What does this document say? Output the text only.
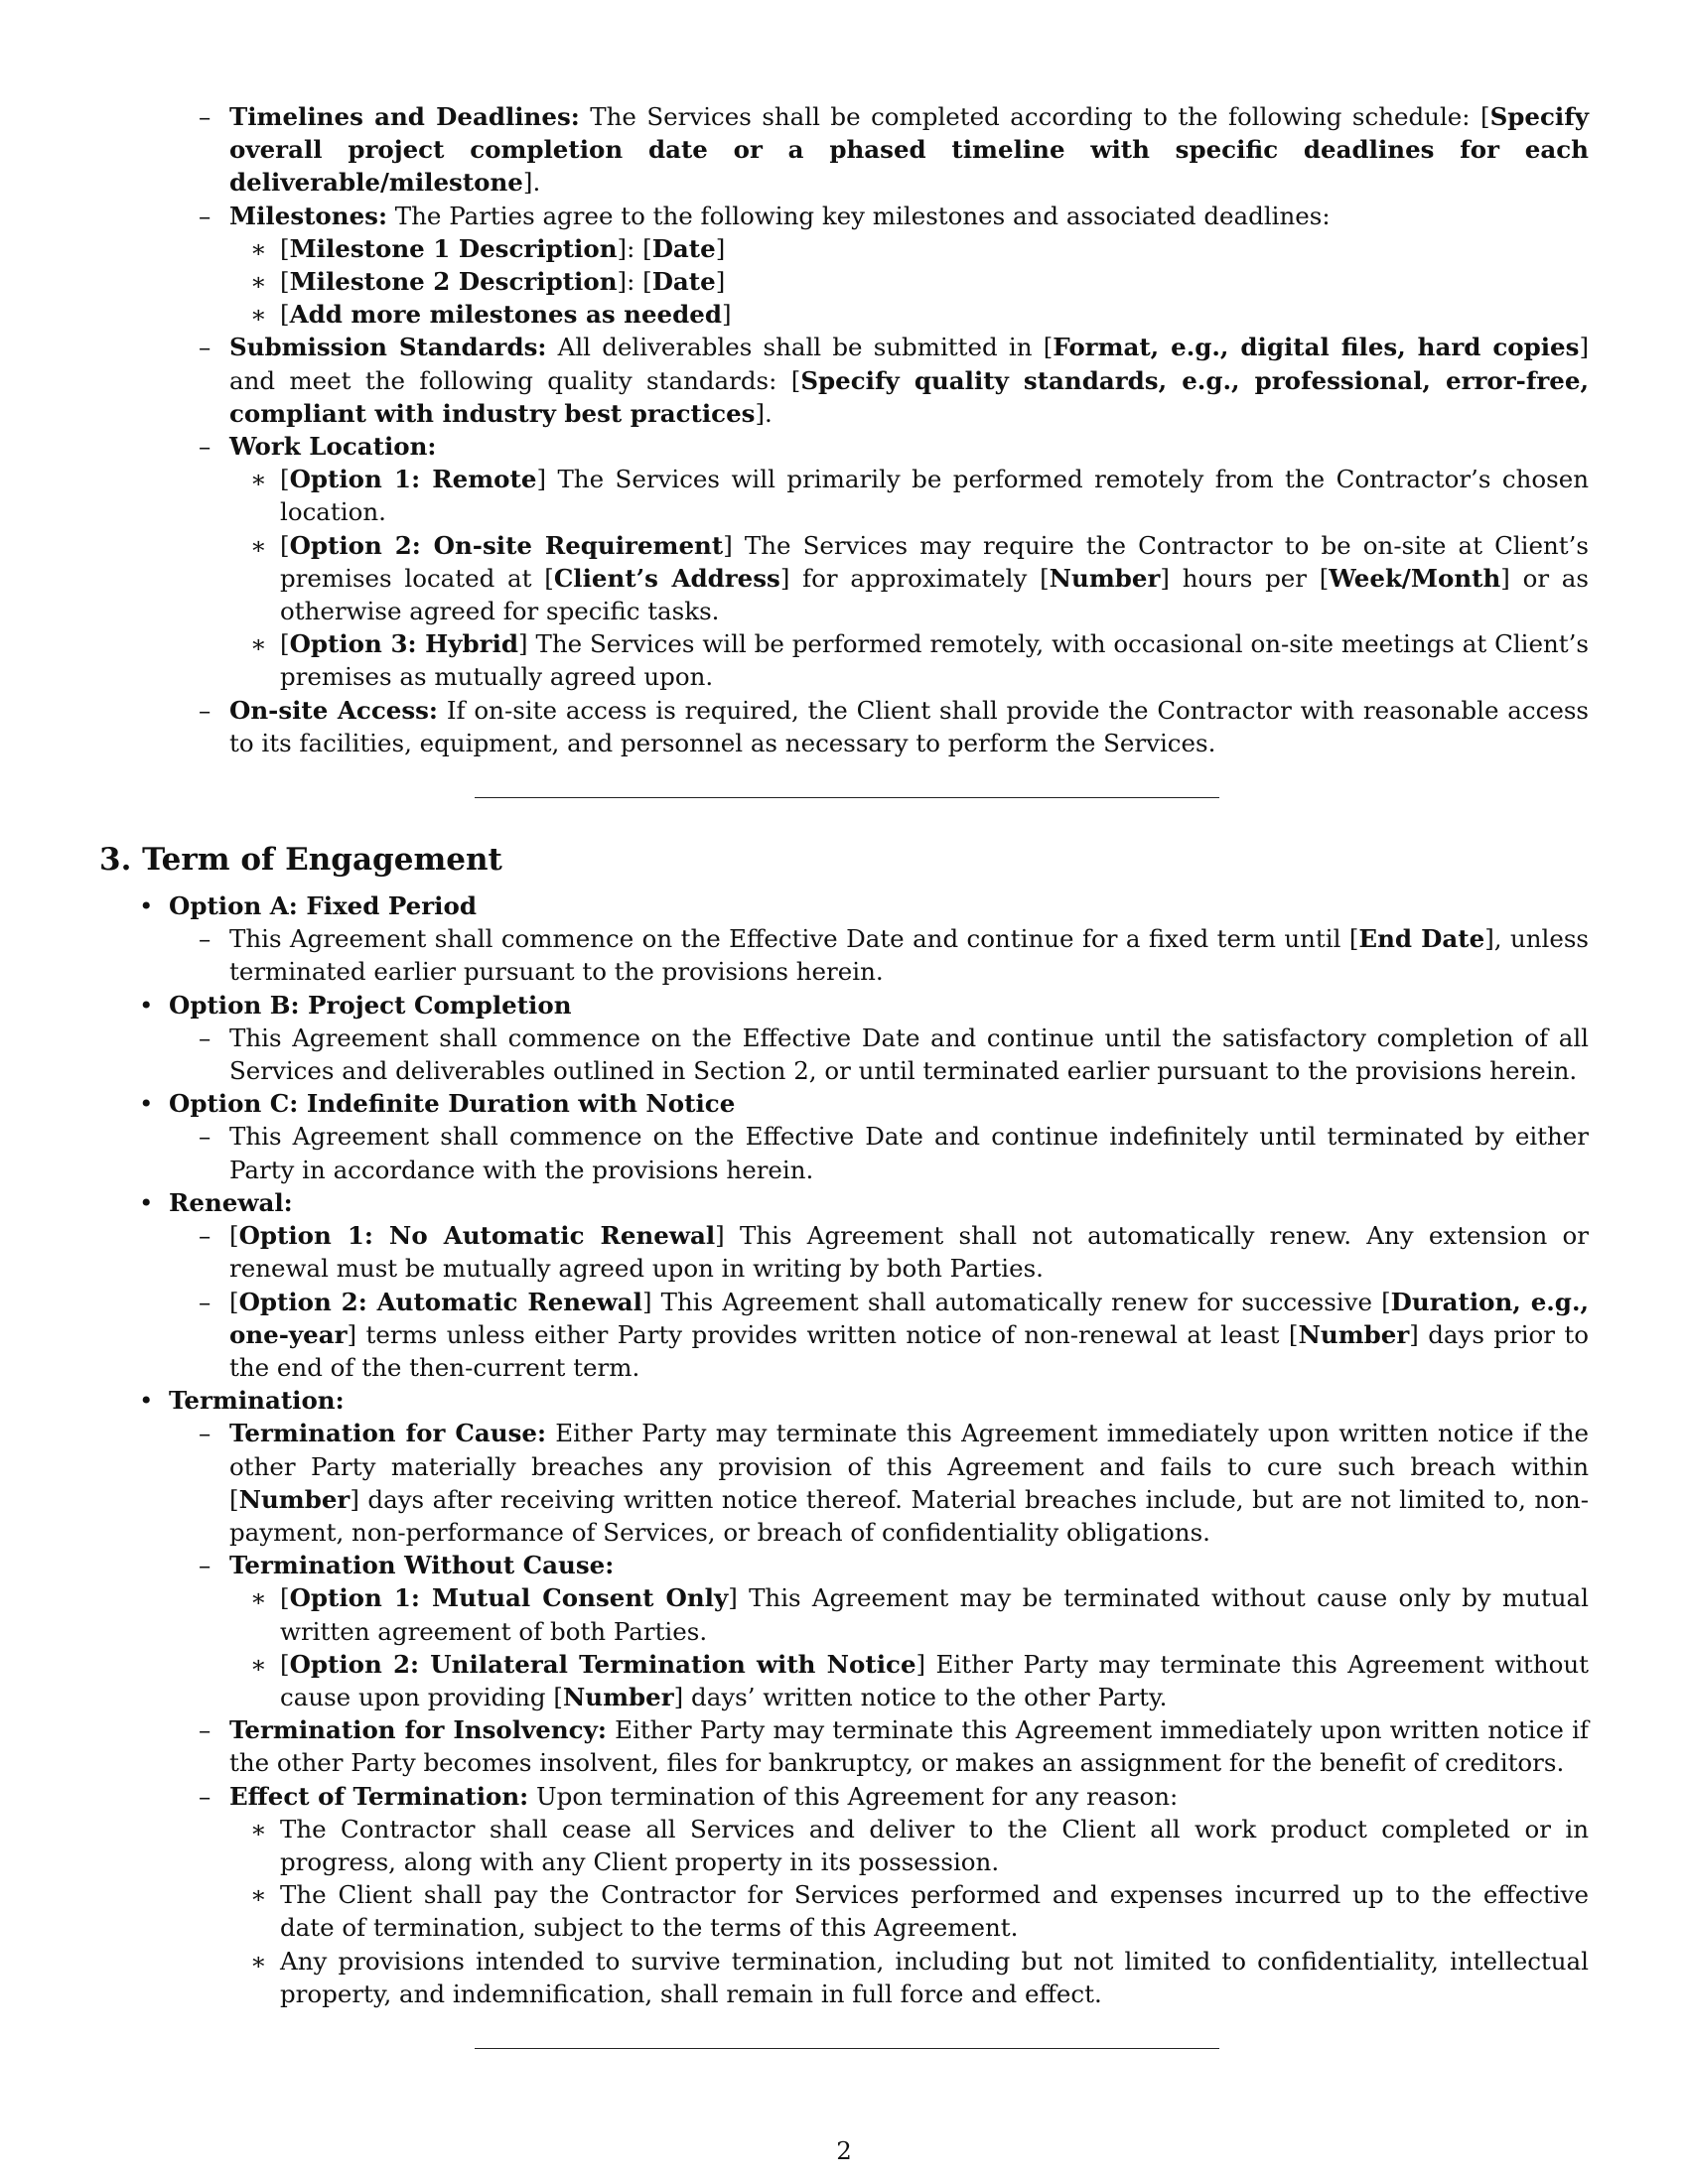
– Timelines and Deadlines: The Services shall be completed according to the following schedule: [Specify overall project completion date or a phased timeline with specific deadlines for each deliverable/milestone].
– Milestones: The Parties agree to the following key milestones and associated deadlines:
∗ [Milestone 1 Description]: [Date]
∗ [Milestone 2 Description]: [Date]
∗ [Add more milestones as needed]
– Submission Standards: All deliverables shall be submitted in [Format, e.g., digital files, hard copies] and meet the following quality standards: [Specify quality standards, e.g., professional, error-free, compliant with industry best practices].
– Work Location:
∗ [Option 1: Remote] The Services will primarily be performed remotely from the Contractor’s chosen location.
∗ [Option 2: On-site Requirement] The Services may require the Contractor to be on-site at Client’s premises located at [Client’s Address] for approximately [Number] hours per [Week/Month] or as otherwise agreed for specific tasks.
∗ [Option 3: Hybrid] The Services will be performed remotely, with occasional on-site meetings at Client’s premises as mutually agreed upon.
– On-site Access: If on-site access is required, the Client shall provide the Contractor with reasonable access to its facilities, equipment, and personnel as necessary to perform the Services.
3. Term of Engagement
• Option A: Fixed Period
– This Agreement shall commence on the Effective Date and continue for a fixed term until [End Date], unless terminated earlier pursuant to the provisions herein.
• Option B: Project Completion
– This Agreement shall commence on the Effective Date and continue until the satisfactory completion of all Services and deliverables outlined in Section 2, or until terminated earlier pursuant to the provisions herein.
• Option C: Indefinite Duration with Notice
– This Agreement shall commence on the Effective Date and continue indefinitely until terminated by either Party in accordance with the provisions herein.
• Renewal:
– [Option 1: No Automatic Renewal] This Agreement shall not automatically renew. Any extension or renewal must be mutually agreed upon in writing by both Parties.
– [Option 2: Automatic Renewal] This Agreement shall automatically renew for successive [Duration, e.g., one-year] terms unless either Party provides written notice of non-renewal at least [Number] days prior to the end of the then-current term.
• Termination:
– Termination for Cause: Either Party may terminate this Agreement immediately upon written notice if the other Party materially breaches any provision of this Agreement and fails to cure such breach within [Number] days after receiving written notice thereof. Material breaches include, but are not limited to, non-payment, non-performance of Services, or breach of confidentiality obligations.
– Termination Without Cause:
∗ [Option 1: Mutual Consent Only] This Agreement may be terminated without cause only by mutual written agreement of both Parties.
∗ [Option 2: Unilateral Termination with Notice] Either Party may terminate this Agreement without cause upon providing [Number] days’ written notice to the other Party.
– Termination for Insolvency: Either Party may terminate this Agreement immediately upon written notice if the other Party becomes insolvent, files for bankruptcy, or makes an assignment for the benefit of creditors.
– Effect of Termination: Upon termination of this Agreement for any reason:
∗ The Contractor shall cease all Services and deliver to the Client all work product completed or in progress, along with any Client property in its possession.
∗ The Client shall pay the Contractor for Services performed and expenses incurred up to the effective date of termination, subject to the terms of this Agreement.
∗ Any provisions intended to survive termination, including but not limited to confidentiality, intellectual property, and indemnification, shall remain in full force and effect.
2
